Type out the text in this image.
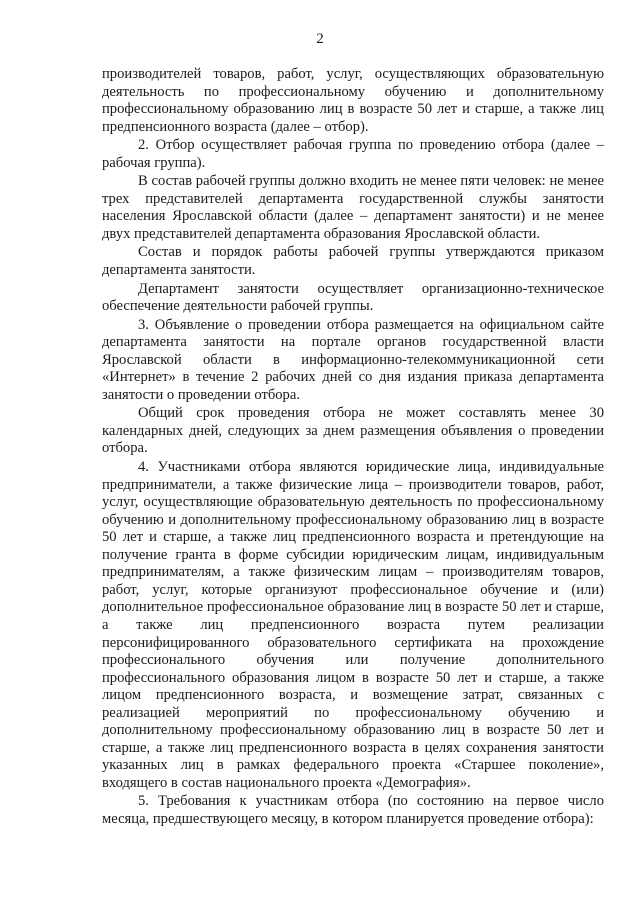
2

производителей товаров, работ, услуг, осуществляющих образовательную деятельность по профессиональному обучению и дополнительному профессиональному образованию лиц в возрасте 50 лет и старше, а также лиц предпенсионного возраста (далее – отбор).

2. Отбор осуществляет рабочая группа по проведению отбора (далее – рабочая группа).

В состав рабочей группы должно входить не менее пяти человек: не менее трех представителей департамента государственной службы занятости населения Ярославской области (далее – департамент занятости) и не менее двух представителей департамента образования Ярославской области.

Состав и порядок работы рабочей группы утверждаются приказом департамента занятости.

Департамент занятости осуществляет организационно-техническое обеспечение деятельности рабочей группы.

3. Объявление о проведении отбора размещается на официальном сайте департамента занятости на портале органов государственной власти Ярославской области в информационно-телекоммуникационной сети «Интернет» в течение 2 рабочих дней со дня издания приказа департамента занятости о проведении отбора.

Общий срок проведения отбора не может составлять менее 30 календарных дней, следующих за днем размещения объявления о проведении отбора.

4. Участниками отбора являются юридические лица, индивидуальные предприниматели, а также физические лица – производители товаров, работ, услуг, осуществляющие образовательную деятельность по профессиональному обучению и дополнительному профессиональному образованию лиц в возрасте 50 лет и старше, а также лиц предпенсионного возраста и претендующие на получение гранта в форме субсидии юридическим лицам, индивидуальным предпринимателям, а также физическим лицам – производителям товаров, работ, услуг, которые организуют профессиональное обучение и (или) дополнительное профессиональное образование лиц в возрасте 50 лет и старше, а также лиц предпенсионного возраста путем реализации персонифицированного образовательного сертификата на прохождение профессионального обучения или получение дополнительного профессионального образования лицом в возрасте 50 лет и старше, а также лицом предпенсионного возраста, и возмещение затрат, связанных с реализацией мероприятий по профессиональному обучению и дополнительному профессиональному образованию лиц в возрасте 50 лет и старше, а также лиц предпенсионного возраста в целях сохранения занятости указанных лиц в рамках федерального проекта «Старшее поколение», входящего в состав национального проекта «Демография».

5. Требования к участникам отбора (по состоянию на первое число месяца, предшествующего месяцу, в котором планируется проведение отбора):
